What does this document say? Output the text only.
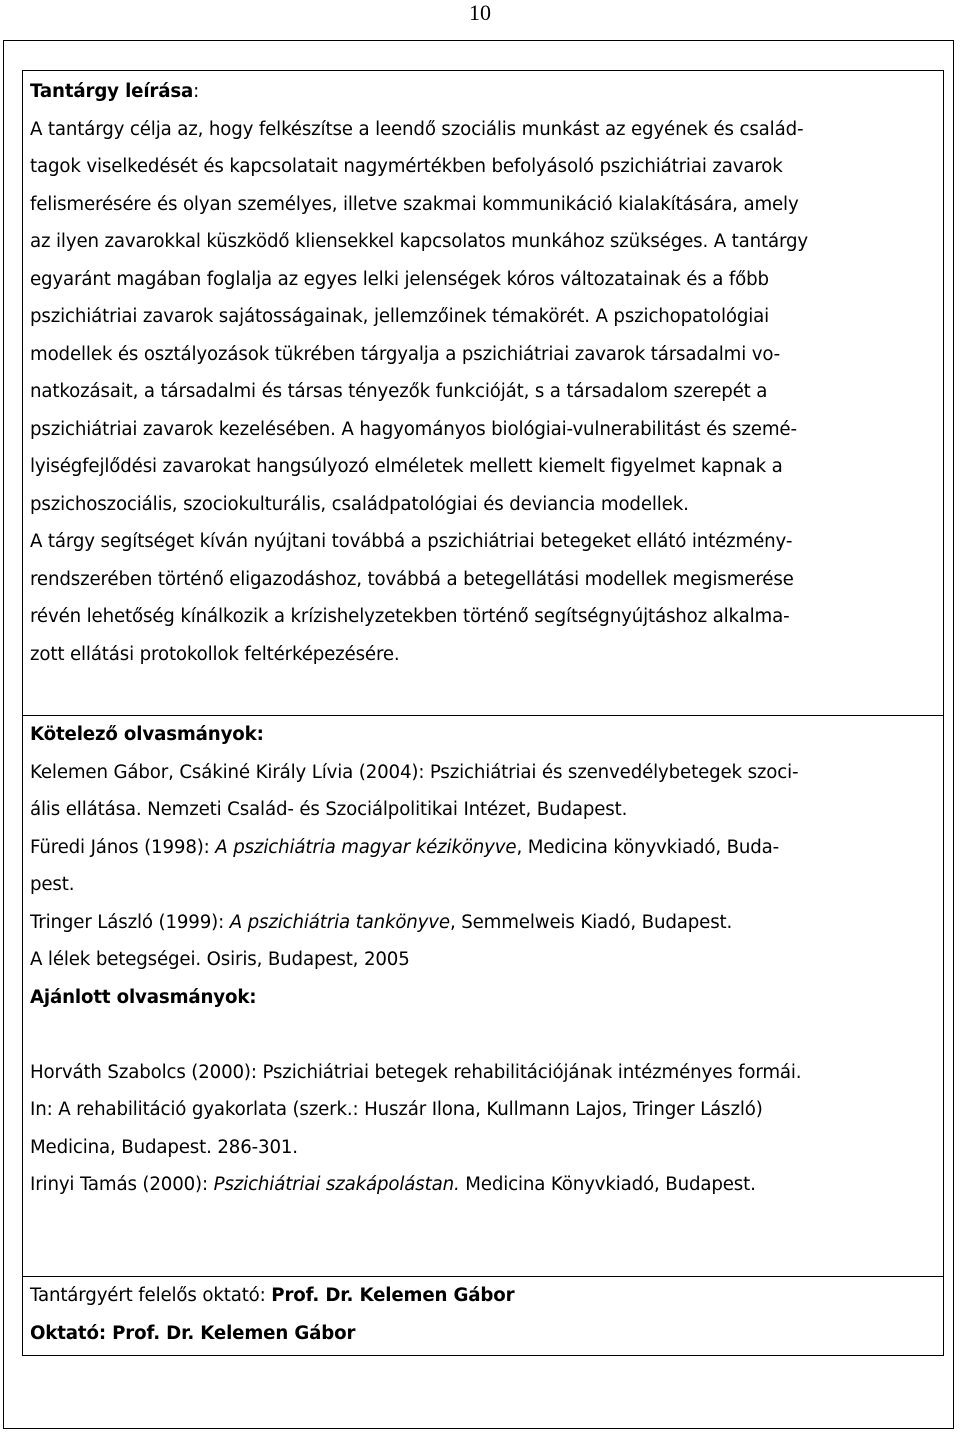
10
Tantárgy leírása:
A tantárgy célja az, hogy felkészítse a leendő szociális munkást az egyének és család-
tagok viselkedését és kapcsolatait nagymértékben befolyásoló pszichiátriai zavarok
felismerésére és olyan személyes, illetve szakmai kommunikáció kialakítására, amely
az ilyen zavarokkal küszködő kliensekkel kapcsolatos munkához szükséges. A tantárgy
egyaránt magában foglalja az egyes lelki jelenségek kóros változatainak és a főbb
pszichiátriai zavarok sajátosságainak, jellemzőinek témakörét. A pszichopatológiai
modellek és osztályozások tükrében tárgyalja a pszichiátriai zavarok társadalmi vo-
natkozásait, a társadalmi és társas tényezők funkcióját, s a társadalom szerepét a
pszichiátriai zavarok kezelésében. A hagyományos biológiai-vulnerabilitást és szemé-
lyiségfejlődési zavarokat hangsúlyozó elméletek mellett kiemelt figyelmet kapnak a
pszichoszociális, szociokulturális, családpatológiai és deviancia modellek.
A tárgy segítséget kíván nyújtani továbbá a pszichiátriai betegeket ellátó intézmény-
rendszerében történő eligazodáshoz, továbbá a betegellátási modellek megismerése
révén lehetőség kínálkozik a krízishelyzetekben történő segítségnyújtáshoz alkalma-
zott ellátási protokollok feltérképezésére.
Kötelező olvasmányok:
Kelemen Gábor, Csákiné Király Lívia (2004): Pszichiátriai és szenvedélybetegek szoci-
ális ellátása. Nemzeti Család- és Szociálpolitikai Intézet, Budapest.
Füredi János (1998): A pszichiátria magyar kézikönyve, Medicina könyvkiadó, Buda-
pest.
Tringer László (1999): A pszichiátria tankönyve, Semmelweis Kiadó, Budapest.
A lélek betegségei. Osiris, Budapest, 2005
Ajánlott olvasmányok:
Horváth Szabolcs (2000): Pszichiátriai betegek rehabilitációjának intézményes formái.
In: A rehabilitáció gyakorlata (szerk.: Huszár Ilona, Kullmann Lajos, Tringer László)
Medicina, Budapest. 286-301.
Irinyi Tamás (2000): Pszichiátriai szakápolástan. Medicina Könyvkiadó, Budapest.
Tantárgyért felelős oktató: Prof. Dr. Kelemen Gábor
Oktató: Prof. Dr. Kelemen Gábor
